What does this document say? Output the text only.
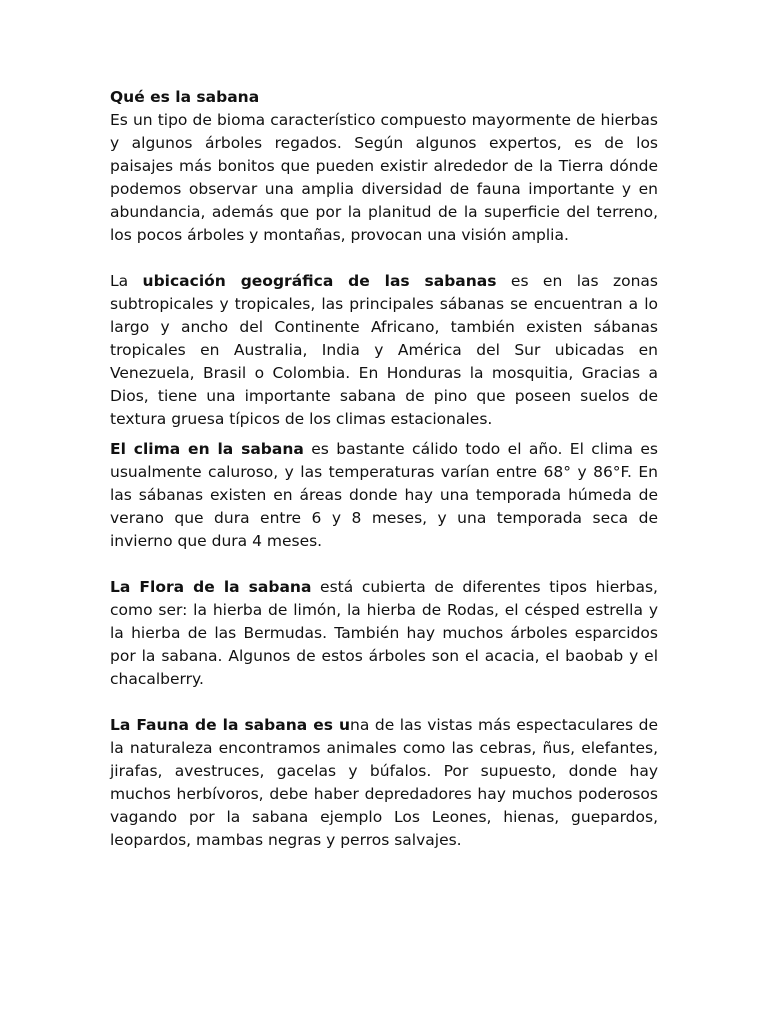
Qué es la sabana
Es un tipo de bioma característico compuesto mayormente de hierbas y algunos árboles regados. Según algunos expertos, es de los paisajes más bonitos que pueden existir alrededor de la Tierra dónde podemos observar una amplia diversidad de fauna importante y en abundancia, además que por la planitud de la superficie del terreno, los pocos árboles y montañas, provocan una visión amplia.

La ubicación geográfica de las sabanas es en las zonas subtropicales y tropicales, las principales sábanas se encuentran a lo largo y ancho del Continente Africano, también existen sábanas tropicales en Australia, India y América del Sur ubicadas en Venezuela, Brasil o Colombia. En Honduras la mosquitia, Gracias a Dios, tiene una importante sabana de pino que poseen suelos de textura gruesa típicos de los climas estacionales.

El clima en la sabana es bastante cálido todo el año. El clima es usualmente caluroso, y las temperaturas varían entre 68° y 86°F. En las sábanas existen en áreas donde hay una temporada húmeda de verano que dura entre 6 y 8 meses, y una temporada seca de invierno que dura 4 meses.

La Flora de la sabana está cubierta de diferentes tipos hierbas, como ser: la hierba de limón, la hierba de Rodas, el césped estrella y la hierba de las Bermudas. También hay muchos árboles esparcidos por la sabana. Algunos de estos árboles son el acacia, el baobab y el chacalberry.

La Fauna de la sabana es una de las vistas más espectaculares de la naturaleza encontramos animales como las cebras, ñus, elefantes, jirafas, avestruces, gacelas y búfalos. Por supuesto, donde hay muchos herbívoros, debe haber depredadores hay muchos poderosos vagando por la sabana ejemplo Los Leones, hienas, guepardos, leopardos, mambas negras y perros salvajes.
